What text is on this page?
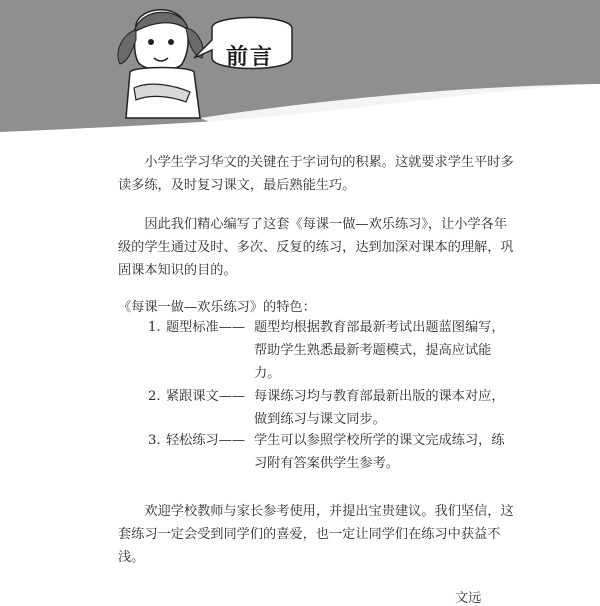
前言

小学生学习华文的关键在于字词句的积累。这就要求学生平时多读多练，及时复习课文，最后熟能生巧。

因此我们精心编写了这套《每课一做—欢乐练习》，让小学各年级的学生通过及时、多次、反复的练习，达到加深对课本的理解，巩固课本知识的目的。

《每课一做—欢乐练习》的特色：
1. 题型标准—— 题型均根据教育部最新考试出题蓝图编写，帮助学生熟悉最新考题模式，提高应试能力。
2. 紧跟课文—— 每课练习均与教育部最新出版的课本对应，做到练习与课文同步。
3. 轻松练习—— 学生可以参照学校所学的课文完成练习，练习附有答案供学生参考。

欢迎学校教师与家长参考使用，并提出宝贵建议。我们坚信，这套练习一定会受到同学们的喜爱，也一定让同学们在练习中获益不浅。

文远
